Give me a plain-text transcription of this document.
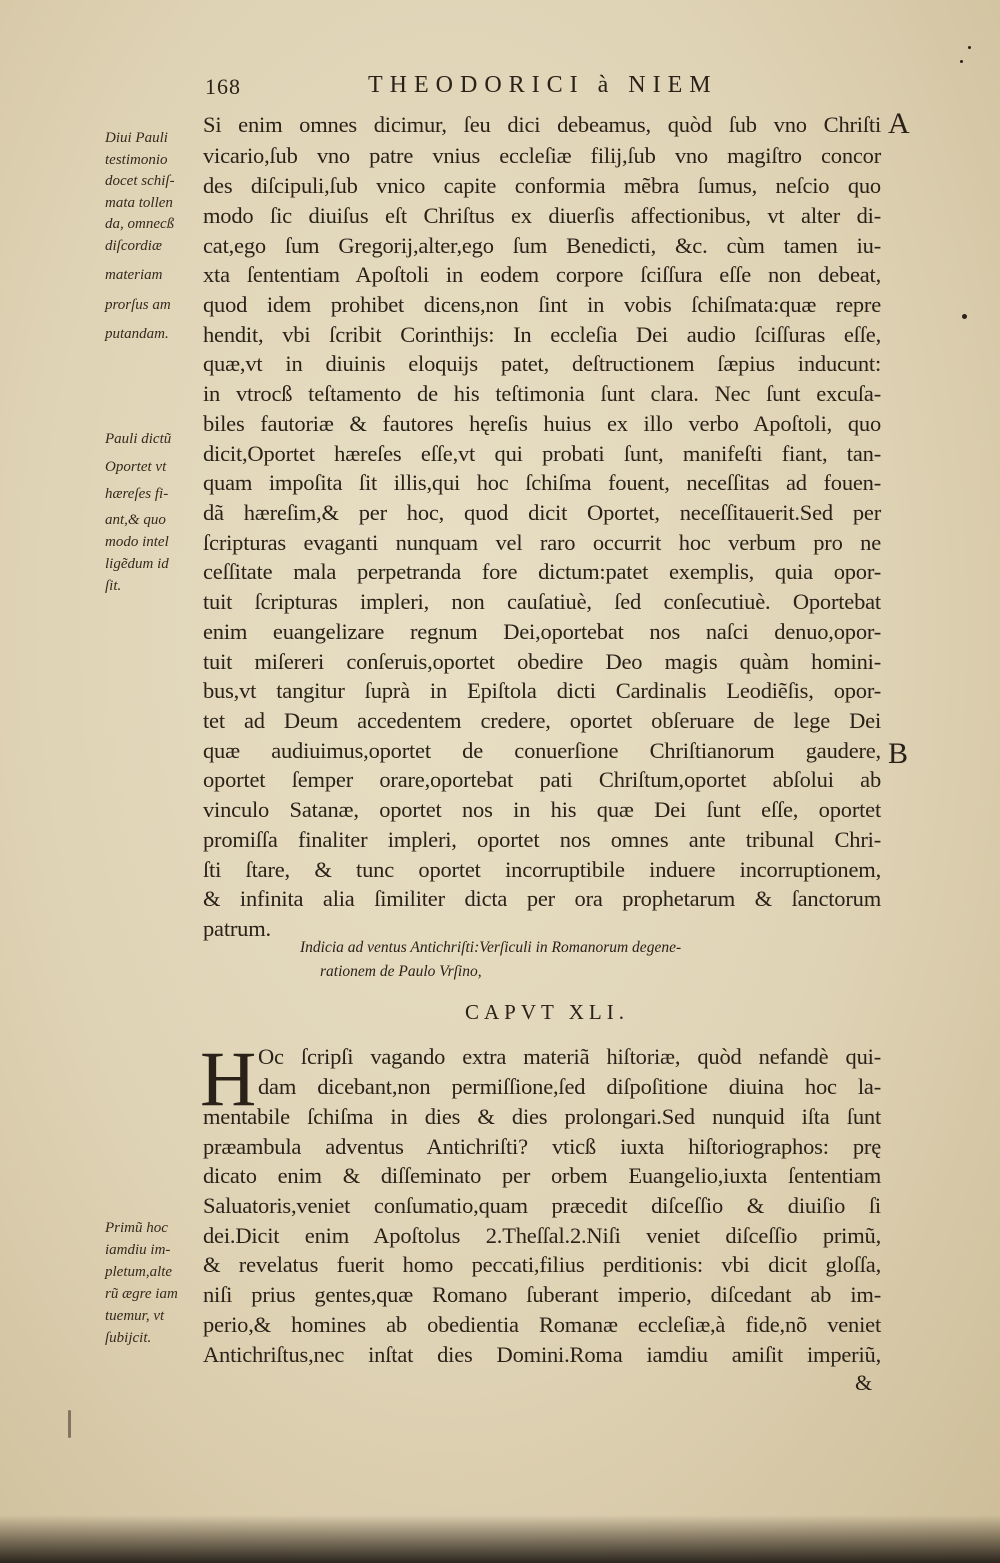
168	THEODORICI à NIEM
A
B
Diui Pauli
testimonio
docet schiſ-
mata tollen
da, omnecß
diſcordiæ
materiam
prorſus am
putandam.
Pauli dictũ
Oportet vt
hæreſes fi-
ant,& quo
modo intel
ligẽdum id
ſit.
Primũ hoc
iamdiu im-
pletum,alte
rũ ægre iam
tuemur, vt
ſubijcit.
Si enim omnes dicimur, ſeu dici debeamus, quòd ſub vno Chriſti
vicario,ſub vno patre vnius eccleſiæ filij,ſub vno magiſtro concor
des diſcipuli,ſub vnico capite conformia mẽbra ſumus, neſcio quo
modo ſic diuiſus eſt Chriſtus ex diuerſis affectionibus, vt alter di-
cat,ego ſum Gregorij,alter,ego ſum Benedicti, &c. cùm tamen iu-
xta ſententiam Apoſtoli in eodem corpore ſciſſura eſſe non debeat,
quod idem prohibet dicens,non ſint in vobis ſchiſmata:quæ repre
hendit, vbi ſcribit Corinthijs: In eccleſia Dei audio ſciſſuras eſſe,
quæ,vt in diuinis eloquijs patet, deſtructionem ſæpius inducunt:
in vtrocß teſtamento de his teſtimonia ſunt clara. Nec ſunt excuſa-
biles fautoriæ & fautores hęreſis huius ex illo verbo Apoſtoli, quo
dicit,Oportet hæreſes eſſe,vt qui probati ſunt, manifeſti fiant, tan-
quam impoſita ſit illis,qui hoc ſchiſma fouent, neceſſitas ad fouen-
dã hæreſim,& per hoc, quod dicit Oportet, neceſſitauerit.Sed per
ſcripturas evaganti nunquam vel raro occurrit hoc verbum pro ne
ceſſitate mala perpetranda fore dictum:patet exemplis, quia opor-
tuit ſcripturas impleri, non cauſatiuè, ſed conſecutiuè. Oportebat
enim euangelizare regnum Dei,oportebat nos naſci denuo,opor-
tuit miſereri conſeruis,oportet obedire Deo magis quàm homini-
bus,vt tangitur ſuprà in Epiſtola dicti Cardinalis Leodiẽſis, opor-
tet ad Deum accedentem credere, oportet obſeruare de lege Dei
quæ audiuimus,oportet de conuerſione Chriſtianorum gaudere,
oportet ſemper orare,oportebat pati Chriſtum,oportet abſolui ab
vinculo Satanæ, oportet nos in his quæ Dei ſunt eſſe, oportet
promiſſa finaliter impleri, oportet nos omnes ante tribunal Chri-
ſti ſtare, & tunc oportet incorruptibile induere incorruptionem,
& infinita alia ſimiliter dicta per ora prophetarum & ſanctorum
patrum.
Indicia ad ventus Antichriſti:Verſiculi in Romanorum degene-
rationem de Paulo Vrſino,
CAPVT XLI.
H Oc ſcripſi vagando extra materiã hiſtoriæ, quòd nefandè qui-
dam dicebant,non permiſſione,ſed diſpoſitione diuina hoc la-
mentabile ſchiſma in dies & dies prolongari.Sed nunquid iſta ſunt
præambula adventus Antichriſti? vticß iuxta hiſtoriographos: prę
dicato enim & diſſeminato per orbem Euangelio,iuxta ſententiam
Saluatoris,veniet conſumatio,quam præcedit diſceſſio & diuiſio ſi
dei.Dicit enim Apoſtolus 2.Theſſal.2.Niſi veniet diſceſſio primũ,
& revelatus fuerit homo peccati,filius perditionis: vbi dicit gloſſa,
niſi prius gentes,quæ Romano ſuberant imperio, diſcedant ab im-
perio,& homines ab obedientia Romanæ eccleſiæ,à fide,nõ veniet
Antichriſtus,nec inſtat dies Domini.Roma iamdiu amiſit imperiũ,
&
